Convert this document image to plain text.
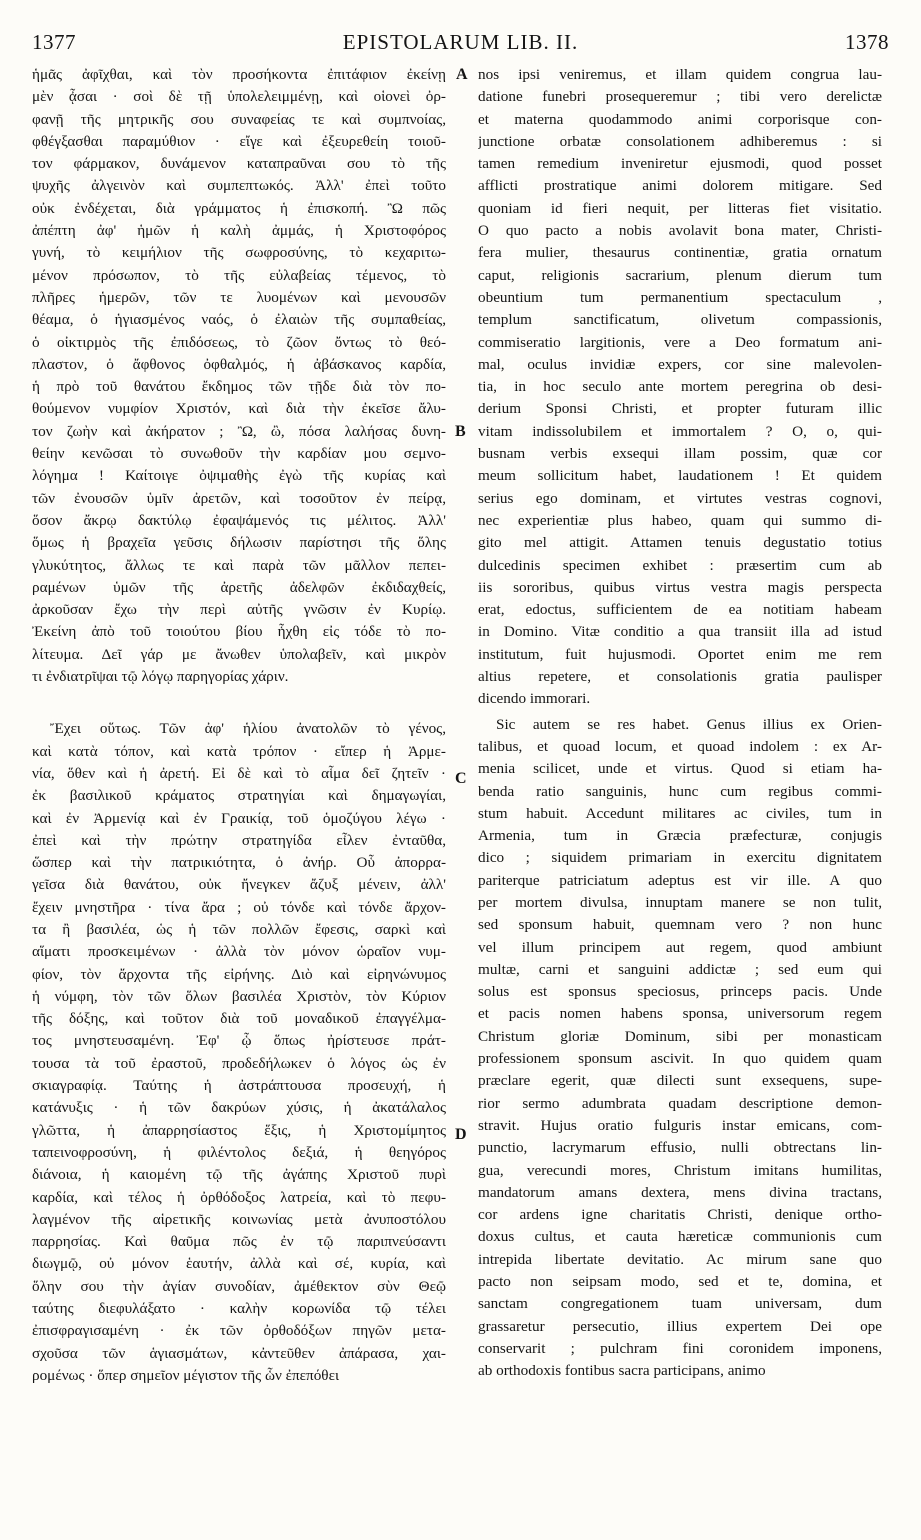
1377	EPISTOLARUM LIB. II.	1378
A
B
C
D
ἡμᾶς ἀφῖχθαι, καὶ τὸν προσήκοντα ἐπιτάφιον ἐκείνῃ
μὲν ᾆσαι · σοὶ δὲ τῇ ὑπολελειμμένῃ, καὶ οἱονεὶ ὀρ-
φανῇ τῆς μητρικῆς σου συναφείας τε καὶ συμπνοίας,
φθέγξασθαι παραμύθιον · εἴγε καὶ ἐξευρεθείη τοιοῦ-
τον φάρμακον, δυνάμενον καταπραῦναι σου τὸ τῆς
ψυχῆς ἀλγεινὸν καὶ συμπεπτωκός. Ἀλλ' ἐπεὶ τοῦτο
οὐκ ἐνδέχεται, διὰ γράμματος ἡ ἐπισκοπή. Ὢ πῶς
ἀπέπτη ἀφ' ἡμῶν ἡ καλὴ ἀμμάς, ἡ Χριστοφόρος
γυνή, τὸ κειμήλιον τῆς σωφροσύνης, τὸ κεχαριτω-
μένον πρόσωπον, τὸ τῆς εὐλαβείας τέμενος, τὸ
πλῆρες ἡμερῶν, τῶν τε λυομένων καὶ μενουσῶν
θέαμα, ὁ ἡγιασμένος ναός, ὁ ἐλαιὼν τῆς συμπαθείας,
ὁ οἰκτιρμὸς τῆς ἐπιδόσεως, τὸ ζῶον ὄντως τὸ θεό-
πλαστον, ὁ ἄφθονος ὀφθαλμός, ἡ ἀβάσκανος καρδία,
ἡ πρὸ τοῦ θανάτου ἔκδημος τῶν τῇδε διὰ τὸν πο-
θούμενον νυμφίον Χριστόν, καὶ διὰ τὴν ἐκεῖσε ἄλυ-
τον ζωὴν καὶ ἀκήρατον ; Ὢ, ὢ, πόσα λαλήσας δυνη-
θείην κενῶσαι τὸ συνωθοῦν τὴν καρδίαν μου σεμνο-
λόγημα ! Καίτοιγε ὀψιμαθὴς ἐγὼ τῆς κυρίας καὶ
τῶν ἐνουσῶν ὑμῖν ἀρετῶν, καὶ τοσοῦτον ἐν πείρᾳ,
ὅσον ἄκρῳ δακτύλῳ ἐφαψάμενός τις μέλιτος. Ἀλλ'
ὅμως ἡ βραχεῖα γεῦσις δήλωσιν παρίστησι τῆς ὅλης
γλυκύτητος, ἄλλως τε καὶ παρὰ τῶν μᾶλλον πεπει-
ραμένων ὑμῶν τῆς ἀρετῆς ἀδελφῶν ἐκδιδαχθείς,
ἀρκοῦσαν ἔχω τὴν περὶ αὐτῆς γνῶσιν ἐν Κυρίῳ.
Ἐκείνη ἀπὸ τοῦ τοιούτου βίου ἧχθη εἰς τόδε τὸ πο-
λίτευμα. Δεῖ γάρ με ἄνωθεν ὑπολαβεῖν, καὶ μικρὸν
τι ἐνδιατρῖψαι τῷ λόγῳ παρηγορίας χάριν.
Ἔχει οὕτως. Τῶν ἀφ' ἡλίου ἀνατολῶν τὸ γένος,
καὶ κατὰ τόπον, καὶ κατὰ τρόπον · εἴπερ ἡ Ἀρμε-
νία, ὅθεν καὶ ἡ ἀρετή. Εἰ δὲ καὶ τὸ αἷμα δεῖ ζητεῖν ·
ἐκ βασιλικοῦ κράματος στρατηγίαι καὶ δημαγωγίαι,
καὶ ἐν Ἀρμενίᾳ καὶ ἐν Γραικίᾳ, τοῦ ὁμοζύγου λέγω ·
ἐπεὶ καὶ τὴν πρώτην στρατηγίδα εἶλεν ἐνταῦθα,
ὥσπερ καὶ τὴν πατρικιότητα, ὁ ἀνήρ. Οὗ ἀπορρα-
γεῖσα διὰ θανάτου, οὐκ ἤνεγκεν ἄζυξ μένειν, ἀλλ'
ἔχειν μνηστῆρα · τίνα ἄρα ; οὐ τόνδε καὶ τόνδε ἄρχον-
τα ἢ βασιλέα, ὡς ἡ τῶν πολλῶν ἔφεσις, σαρκὶ καὶ
αἵματι προσκειμένων · ἀλλὰ τὸν μόνον ὡραῖον νυμ-
φίον, τὸν ἄρχοντα τῆς εἰρήνης. Διὸ καὶ εἰρηνώνυμος
ἡ νύμφη, τὸν τῶν ὅλων βασιλέα Χριστὸν, τὸν Κύριον
τῆς δόξης, καὶ τοῦτον διὰ τοῦ μοναδικοῦ ἐπαγγέλμα-
τος μνηστευσαμένη. Ἐφ' ᾧ ὅπως ἠρίστευσε πράτ-
τουσα τὰ τοῦ ἐραστοῦ, προδεδήλωκεν ὁ λόγος ὡς ἐν
σκιαγραφίᾳ. Ταύτης ἡ ἀστράπτουσα προσευχή, ἡ
κατάνυξις · ἡ τῶν δακρύων χύσις, ἡ ἀκατάλαλος
γλῶττα, ἡ ἀπαρρησίαστος ἕξις, ἡ Χριστομίμητος
ταπεινοφροσύνη, ἡ φιλέντολος δεξιά, ἡ θεηγόρος
διάνοια, ἡ καιομένη τῷ τῆς ἀγάπης Χριστοῦ πυρὶ
καρδία, καὶ τέλος ἡ ὀρθόδοξος λατρεία, καὶ τὸ πεφυ-
λαγμένον τῆς αἱρετικῆς κοινωνίας μετὰ ἀνυποστόλου
παρρησίας. Καὶ θαῦμα πῶς ἐν τῷ παριπνεύσαντι
διωγμῷ, οὐ μόνον ἑαυτήν, ἀλλὰ καὶ σέ, κυρία, καὶ
ὅλην σου τὴν ἁγίαν συνοδίαν, ἀμέθεκτον σὺν Θεῷ
ταύτης διεφυλάξατο · καλὴν κορωνίδα τῷ τέλει
ἐπισφραγισαμένη · ἐκ τῶν ὀρθοδόξων πηγῶν μετα-
σχοῦσα τῶν ἁγιασμάτων, κἀντεῦθεν ἀπάρασα, χαι-
ρομένως · ὅπερ σημεῖον μέγιστον τῆς ὧν ἐπεπόθει
nos ipsi veniremus, et illam quidem congrua lau-
datione funebri prosequeremur ; tibi vero derelictæ
et materna quodammodo animi corporisque con-
junctione orbatæ consolationem adhiberemus : si
tamen remedium inveniretur ejusmodi, quod posset
afflicti prostratique animi dolorem mitigare. Sed
quoniam id fieri nequit, per litteras fiet visitatio.
O quo pacto a nobis avolavit bona mater, Christi-
fera mulier, thesaurus continentiæ, gratia ornatum
caput, religionis sacrarium, plenum dierum tum
obeuntium tum permanentium spectaculum ,
templum sanctificatum, olivetum compassionis,
commiseratio largitionis, vere a Deo formatum ani-
mal, oculus invidiæ expers, cor sine malevolen-
tia, in hoc seculo ante mortem peregrina ob desi-
derium Sponsi Christi, et propter futuram illic
vitam indissolubilem et immortalem ? O, o, qui-
busnam verbis exsequi illam possim, quæ cor
meum sollicitum habet, laudationem ! Et quidem
serius ego dominam, et virtutes vestras cognovi,
nec experientiæ plus habeo, quam qui summo di-
gito mel attigit. Attamen tenuis degustatio totius
dulcedinis specimen exhibet : præsertim cum ab
iis sororibus, quibus virtus vestra magis perspecta
erat, edoctus, sufficientem de ea notitiam habeam
in Domino. Vitæ conditio a qua transiit illa ad istud
institutum, fuit hujusmodi. Oportet enim me rem
altius repetere, et consolationis gratia paulisper
dicendo immorari.
Sic autem se res habet. Genus illius ex Orien-
talibus, et quoad locum, et quoad indolem : ex Ar-
menia scilicet, unde et virtus. Quod si etiam ha-
benda ratio sanguinis, hunc cum regibus commi-
stum habuit. Accedunt militares ac civiles, tum in
Armenia, tum in Græcia præfecturæ, conjugis
dico ; siquidem primariam in exercitu dignitatem
pariterque patriciatum adeptus est vir ille. A quo
per mortem divulsa, innuptam manere se non tulit,
sed sponsum habuit, quemnam vero ? non hunc
vel illum principem aut regem, quod ambiunt
multæ, carni et sanguini addictæ ; sed eum qui
solus est sponsus speciosus, princeps pacis. Unde
et pacis nomen habens sponsa, universorum regem
Christum gloriæ Dominum, sibi per monasticam
professionem sponsum ascivit. In quo quidem quam
præclare egerit, quæ dilecti sunt exsequens, supe-
rior sermo adumbrata quadam descriptione demon-
stravit. Hujus oratio fulguris instar emicans, com-
punctio, lacrymarum effusio, nulli obtrectans lin-
gua, verecundi mores, Christum imitans humilitas,
mandatorum amans dextera, mens divina tractans,
cor ardens igne charitatis Christi, denique ortho-
doxus cultus, et cauta hæreticæ communionis cum
intrepida libertate devitatio. Ac mirum sane quo
pacto non seipsam modo, sed et te, domina, et
sanctam congregationem tuam universam, dum
grassaretur persecutio, illius expertem Dei ope
conservarit ; pulchram fini coronidem imponens,
ab orthodoxis fontibus sacra participans, animo
